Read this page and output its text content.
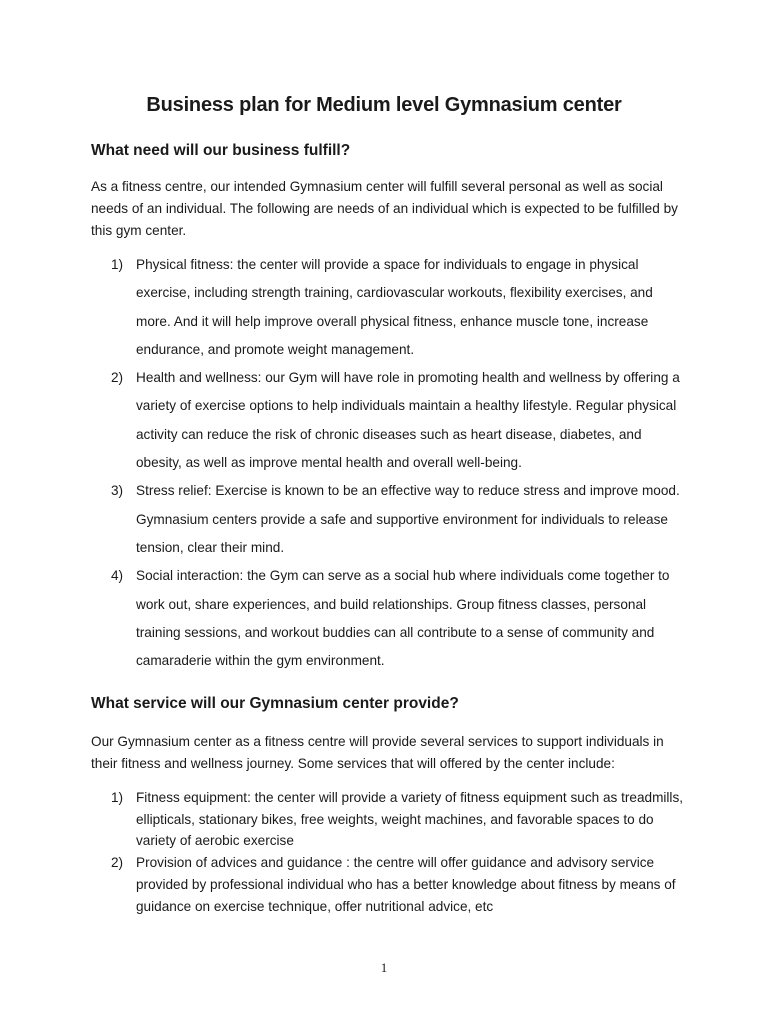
Business plan for Medium level Gymnasium center
What need will our business fulfill?
As a fitness centre, our intended Gymnasium center will fulfill several personal as well as social needs of an individual. The following are needs of an individual which is expected to be fulfilled by this gym center.
1) Physical fitness: the center will provide a space for individuals to engage in physical exercise, including strength training, cardiovascular workouts, flexibility exercises, and more. And it will help improve overall physical fitness, enhance muscle tone, increase endurance, and promote weight management.
2) Health and wellness: our Gym will have role in promoting health and wellness by offering a variety of exercise options to help individuals maintain a healthy lifestyle. Regular physical activity can reduce the risk of chronic diseases such as heart disease, diabetes, and obesity, as well as improve mental health and overall well-being.
3) Stress relief: Exercise is known to be an effective way to reduce stress and improve mood. Gymnasium centers provide a safe and supportive environment for individuals to release tension, clear their mind.
4) Social interaction: the Gym can serve as a social hub where individuals come together to work out, share experiences, and build relationships. Group fitness classes, personal training sessions, and workout buddies can all contribute to a sense of community and camaraderie within the gym environment.
What service will our Gymnasium center provide?
Our Gymnasium center as a fitness centre will provide several services to support individuals in their fitness and wellness journey. Some services that will offered by the center include:
1) Fitness equipment: the center will provide a variety of fitness equipment such as treadmills, ellipticals, stationary bikes, free weights, weight machines, and favorable spaces to do variety of aerobic exercise
2) Provision of advices and guidance : the centre will offer guidance and advisory service provided by professional individual who has a better knowledge about fitness by means of guidance on exercise technique, offer nutritional advice, etc
1
